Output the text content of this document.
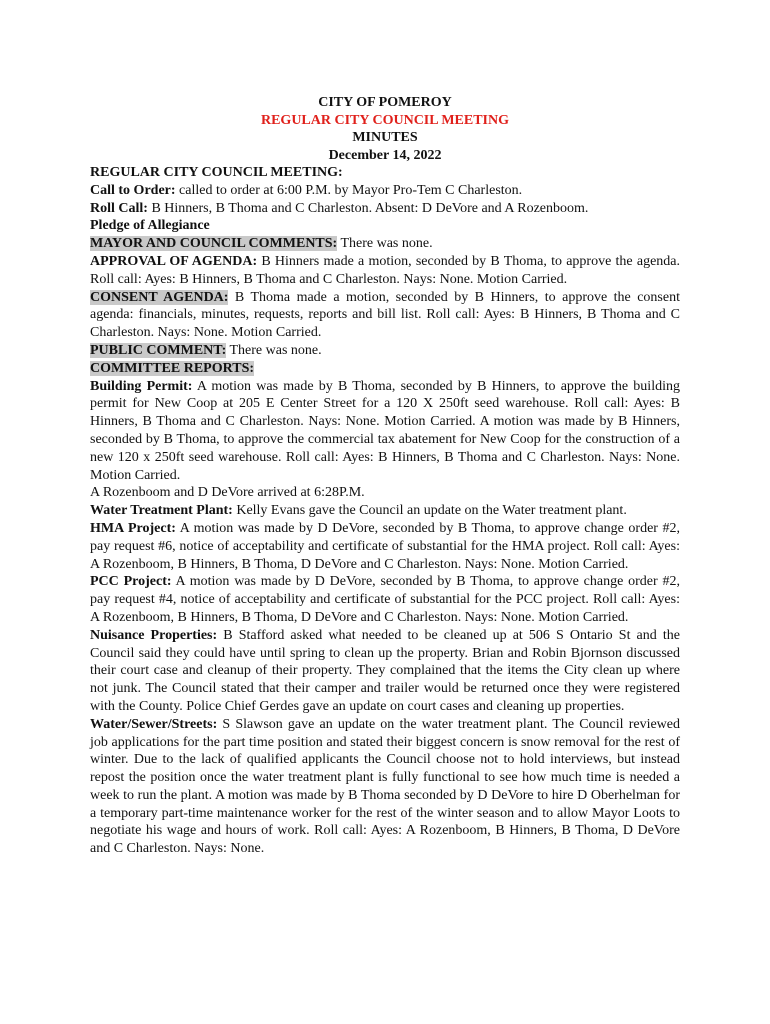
CITY OF POMEROY
REGULAR CITY COUNCIL MEETING
MINUTES
December 14, 2022

REGULAR CITY COUNCIL MEETING:

Call to Order: called to order at 6:00 P.M. by Mayor Pro-Tem C Charleston.

Roll Call: B Hinners, B Thoma and C Charleston. Absent: D DeVore and A Rozenboom.

Pledge of Allegiance

MAYOR AND COUNCIL COMMENTS: There was none.

APPROVAL OF AGENDA: B Hinners made a motion, seconded by B Thoma, to approve the agenda. Roll call: Ayes: B Hinners, B Thoma and C Charleston. Nays: None. Motion Carried.

CONSENT AGENDA: B Thoma made a motion, seconded by B Hinners, to approve the consent agenda: financials, minutes, requests, reports and bill list. Roll call: Ayes: B Hinners, B Thoma and C Charleston. Nays: None. Motion Carried.

PUBLIC COMMENT: There was none.

COMMITTEE REPORTS:

Building Permit: A motion was made by B Thoma, seconded by B Hinners, to approve the building permit for New Coop at 205 E Center Street for a 120 X 250ft seed warehouse. Roll call: Ayes: B Hinners, B Thoma and C Charleston. Nays: None. Motion Carried. A motion was made by B Hinners, seconded by B Thoma, to approve the commercial tax abatement for New Coop for the construction of a new 120 x 250ft seed warehouse. Roll call: Ayes: B Hinners, B Thoma and C Charleston. Nays: None. Motion Carried.

A Rozenboom and D DeVore arrived at 6:28P.M.

Water Treatment Plant: Kelly Evans gave the Council an update on the Water treatment plant.

HMA Project: A motion was made by D DeVore, seconded by B Thoma, to approve change order #2, pay request #6, notice of acceptability and certificate of substantial for the HMA project. Roll call: Ayes: A Rozenboom, B Hinners, B Thoma, D DeVore and C Charleston. Nays: None. Motion Carried.

PCC Project: A motion was made by D DeVore, seconded by B Thoma, to approve change order #2, pay request #4, notice of acceptability and certificate of substantial for the PCC project. Roll call: Ayes: A Rozenboom, B Hinners, B Thoma, D DeVore and C Charleston. Nays: None. Motion Carried.

Nuisance Properties: B Stafford asked what needed to be cleaned up at 506 S Ontario St and the Council said they could have until spring to clean up the property. Brian and Robin Bjornson discussed their court case and cleanup of their property. They complained that the items the City clean up where not junk. The Council stated that their camper and trailer would be returned once they were registered with the County. Police Chief Gerdes gave an update on court cases and cleaning up properties.

Water/Sewer/Streets: S Slawson gave an update on the water treatment plant. The Council reviewed job applications for the part time position and stated their biggest concern is snow removal for the rest of winter. Due to the lack of qualified applicants the Council choose not to hold interviews, but instead repost the position once the water treatment plant is fully functional to see how much time is needed a week to run the plant. A motion was made by B Thoma seconded by D DeVore to hire D Oberhelman for a temporary part-time maintenance worker for the rest of the winter season and to allow Mayor Loots to negotiate his wage and hours of work. Roll call: Ayes: A Rozenboom, B Hinners, B Thoma, D DeVore and C Charleston. Nays: None.
